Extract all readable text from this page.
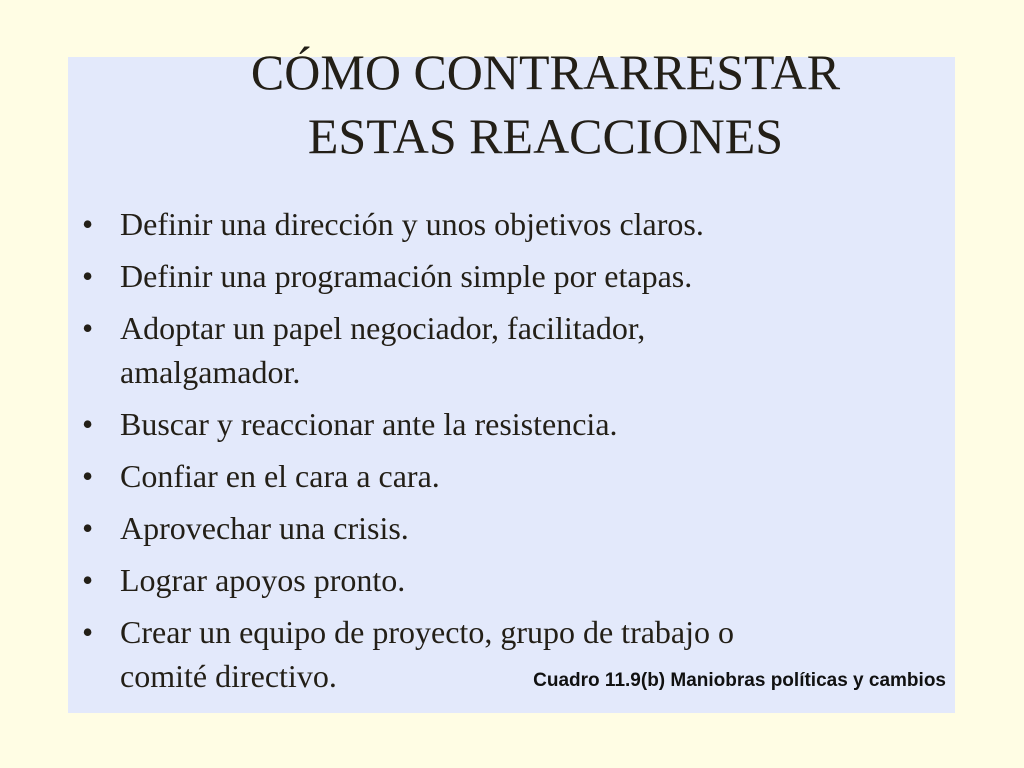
CÓMO CONTRARRESTAR
ESTAS REACCIONES
• Definir una dirección y unos objetivos claros.
• Definir una programación simple por etapas.
• Adoptar un papel negociador, facilitador,
amalgamador.
• Buscar y reaccionar ante la resistencia.
• Confiar en el cara a cara.
• Aprovechar una crisis.
• Lograr apoyos pronto.
• Crear un equipo de proyecto, grupo de trabajo o
comité directivo.	Cuadro 11.9(b) Maniobras políticas y cambios
